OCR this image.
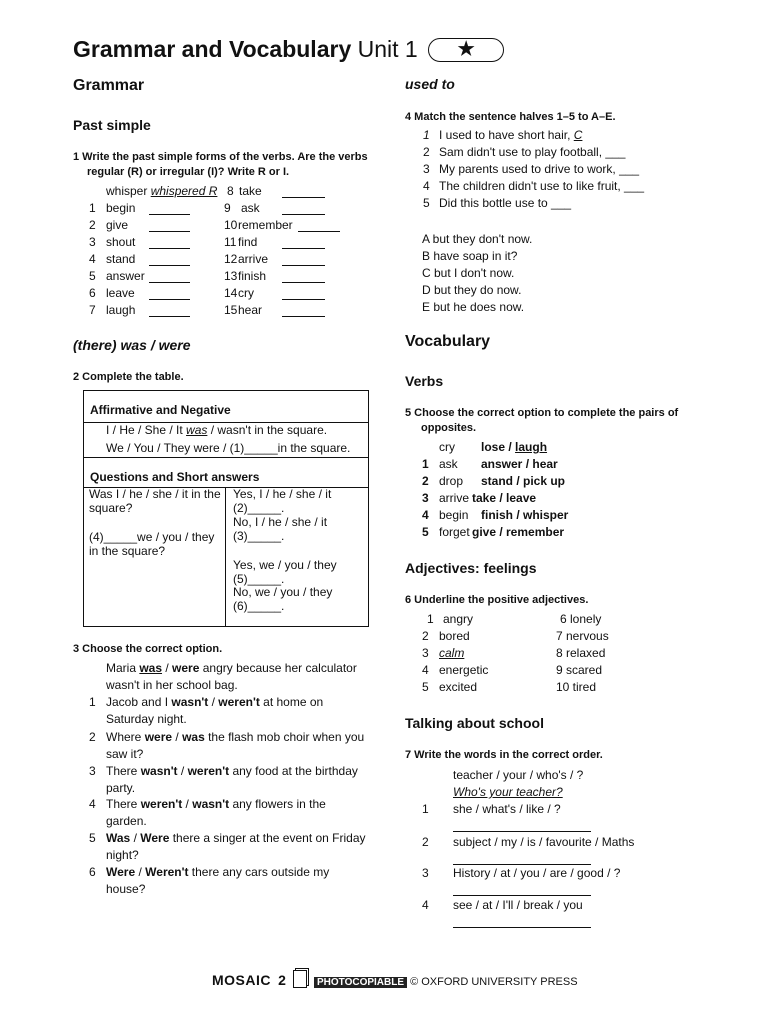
Grammar and Vocabulary Unit 1 ★
Grammar
Past simple
1 Write the past simple forms of the verbs. Are the verbs regular (R) or irregular (I)? Write R or I.
whisper whispered R
1 begin
2 give
3 shout
4 stand
5 answer
6 leave
7 laugh
8 take
9 ask
10 remember
11 find
12 arrive
13 finish
14 cry
15 hear
(there) was / were
2 Complete the table.
Affirmative and Negative
I / He / She / It was / wasn't in the square.
We / You / They were / (1)_____in the square.
Questions and Short answers
Was I / he / she / it in the square?
(4)_____we / you / they in the square?
Yes, I / he / she / it (2)_____.
No, I / he / she / it (3)_____.
Yes, we / you / they (5)_____.
No, we / you / they (6)_____.
3 Choose the correct option.
Maria was / were angry because her calculator wasn't in her school bag.
1 Jacob and I wasn't / weren't at home on Saturday night.
2 Where were / was the flash mob choir when you saw it?
3 There wasn't / weren't any food at the birthday party.
4 There weren't / wasn't any flowers in the garden.
5 Was / Were there a singer at the event on Friday night?
6 Were / Weren't there any cars outside my house?
used to
4 Match the sentence halves 1–5 to A–E.
1 I used to have short hair, C
2 Sam didn't use to play football, ___
3 My parents used to drive to work, ___
4 The children didn't use to like fruit, ___
5 Did this bottle use to ___
A but they don't now.
B have soap in it?
C but I don't now.
D but they do now.
E but he does now.
Vocabulary
Verbs
5 Choose the correct option to complete the pairs of opposites.
cry lose / laugh
1 ask answer / hear
2 drop stand / pick up
3 arrive take / leave
4 begin finish / whisper
5 forget give / remember
Adjectives: feelings
6 Underline the positive adjectives.
1 angry
2 bored
3 calm
4 energetic
5 excited
6 lonely
7 nervous
8 relaxed
9 scared
10 tired
Talking about school
7 Write the words in the correct order.
teacher / your / who's / ?
Who's your teacher?
1 she / what's / like / ?
2 subject / my / is / favourite / Maths
3 History / at / you / are / good / ?
4 see / at / I'll / break / you
MOSAIC 2	PHOTOCOPIABLE © OXFORD UNIVERSITY PRESS
